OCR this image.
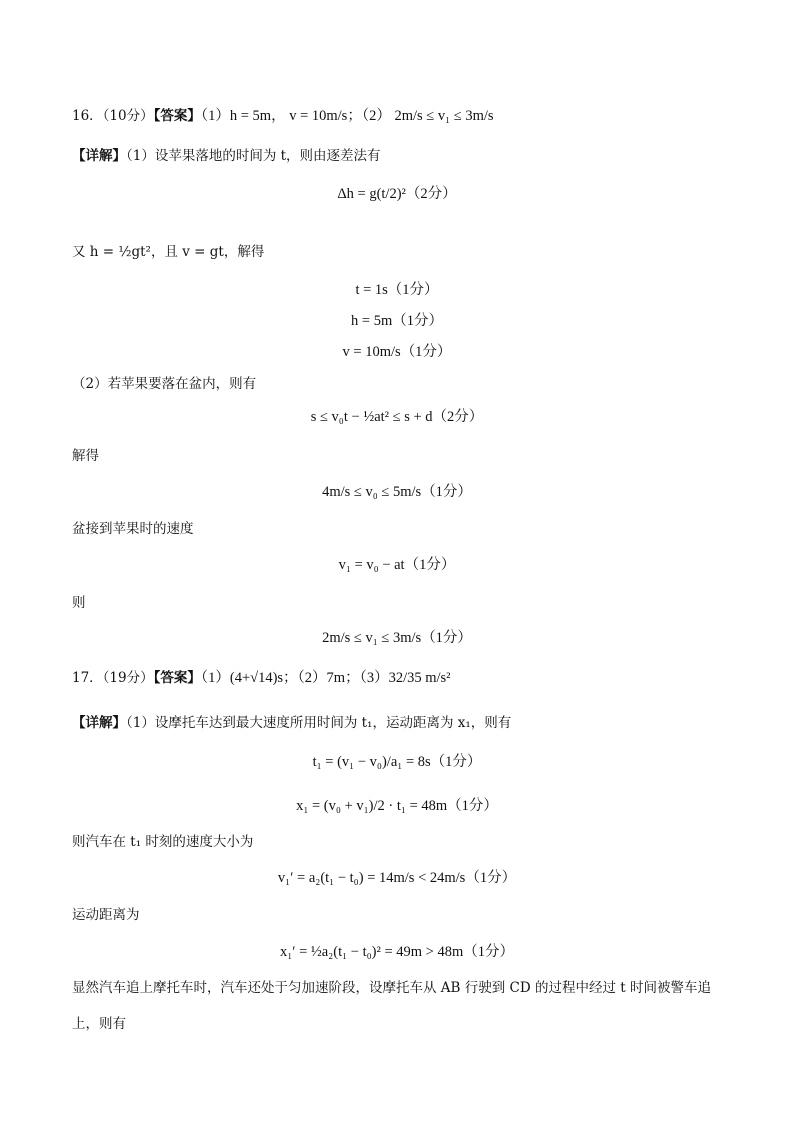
16．（10分）【答案】（1）h = 5m， v = 10m/s；（2） 2m/s ≤ v₁ ≤ 3m/s
【详解】（1）设苹果落地的时间为 t，则由逐差法有
Δh = g(t/2)²（2分）
又 h = ½gt²，且 v = gt，解得
t = 1s（1分）
h = 5m（1分）
v = 10m/s（1分）
（2）若苹果要落在盆内，则有
s ≤ v₀t − ½at² ≤ s + d（2分）
解得
4m/s ≤ v₀ ≤ 5m/s（1分）
盆接到苹果时的速度
v₁ = v₀ − at（1分）
则
2m/s ≤ v₁ ≤ 3m/s（1分）
17．（19分）【答案】（1）(4+√14)s；（2）7m；（3）32/35 m/s²
【详解】（1）设摩托车达到最大速度所用时间为 t₁，运动距离为 x₁，则有
t₁ = (v₁ − v₀)/a₁ = 8s（1分）
x₁ = (v₀ + v₁)/2 · t₁ = 48m（1分）
则汽车在 t₁ 时刻的速度大小为
v₁′ = a₂(t₁ − t₀) = 14m/s < 24m/s（1分）
运动距离为
x₁′ = ½a₂(t₁ − t₀)² = 49m > 48m（1分）
显然汽车追上摩托车时，汽车还处于匀加速阶段，设摩托车从 AB 行驶到 CD 的过程中经过 t 时间被警车追
上，则有
